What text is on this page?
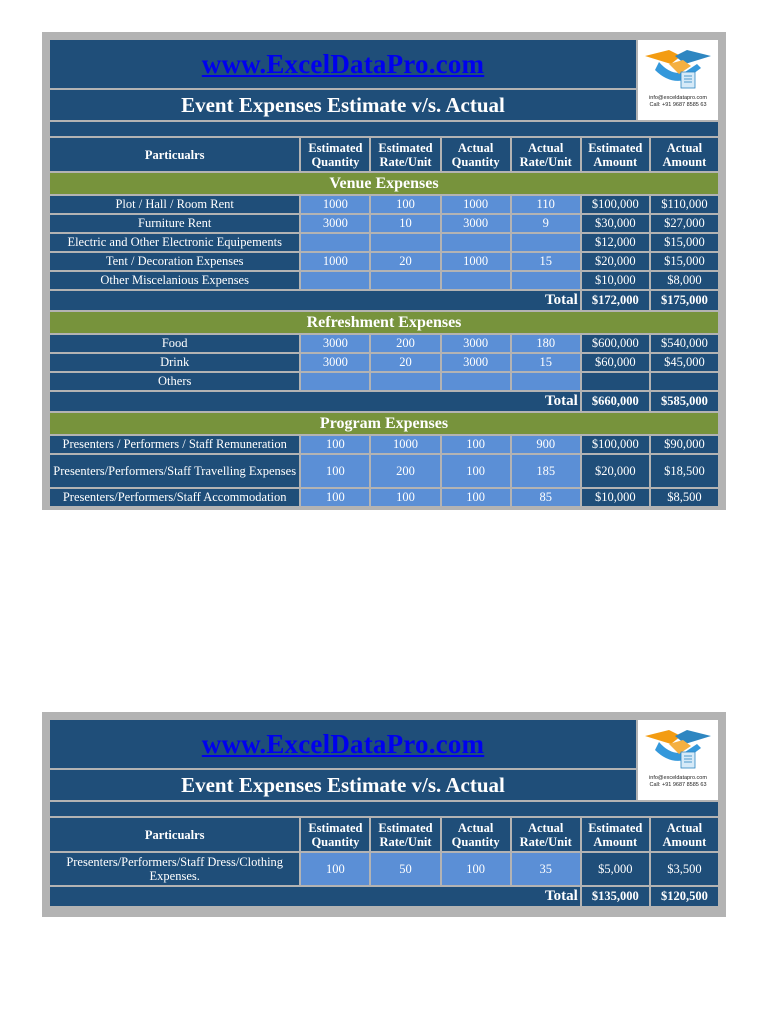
www.ExcelDataPro.com
Event Expenses Estimate v/s. Actual	info@exceldatapro.com
Call: +91 9687 8585 63
Particualrs	Estimated Quantity	Estimated Rate/Unit	Actual Quantity	Actual Rate/Unit	Estimated Amount	Actual Amount
Venue Expenses						
Plot / Hall / Room Rent	1000	100	1000	110	$100,000	$110,000
Furniture Rent	3000	10	3000	9	$30,000	$27,000
Electric and Other Electronic Equipements					$12,000	$15,000
Tent / Decoration Expenses	1000	20	1000	15	$20,000	$15,000
Other Miscelanious Expenses					$10,000	$8,000
Total					$172,000	$175,000
Refreshment Expenses						
Food	3000	200	3000	180	$600,000	$540,000
Drink	3000	20	3000	15	$60,000	$45,000
Others						
Total					$660,000	$585,000
Program Expenses						
Presenters / Performers / Staff Remuneration	100	1000	100	900	$100,000	$90,000
Presenters/Performers/Staff Travelling Expenses	100	200	100	185	$20,000	$18,500
Presenters/Performers/Staff Accommodation	100	100	100	85	$10,000	$8,500
www.ExcelDataPro.com
Event Expenses Estimate v/s. Actual	info@exceldatapro.com
Call: +91 9687 8585 63
Particualrs	Estimated Quantity	Estimated Rate/Unit	Actual Quantity	Actual Rate/Unit	Estimated Amount	Actual Amount
Presenters/Performers/Staff Dress/Clothing Expenses.	100	50	100	35	$5,000	$3,500
Total					$135,000	$120,500
